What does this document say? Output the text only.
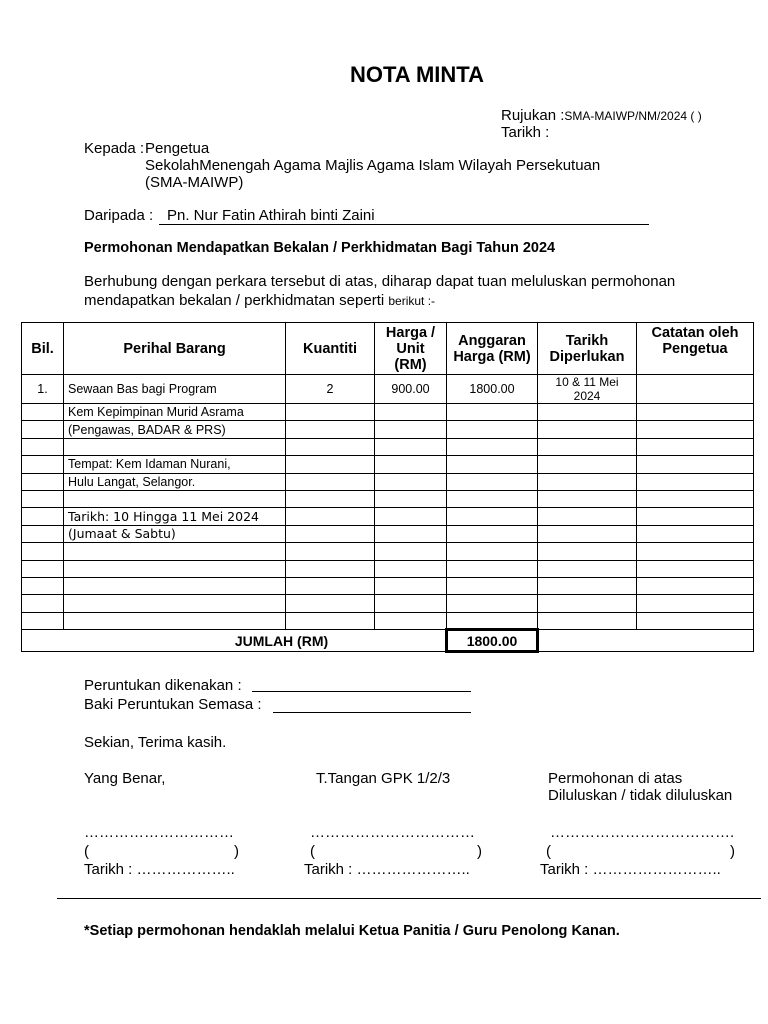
NOTA MINTA
Rujukan :SMA-MAIWP/NM/2024 ( )
Tarikh :
Kepada : Pengetua
SekolahMenengah Agama Majlis Agama Islam Wilayah Persekutuan
(SMA-MAIWP)
Daripada : Pn. Nur Fatin Athirah binti Zaini
Permohonan Mendapatkan Bekalan / Perkhidmatan Bagi Tahun 2024
Berhubung dengan perkara tersebut di atas, diharap dapat tuan meluluskan permohonan
mendapatkan bekalan / perkhidmatan seperti berikut :-
Bil.	Perihal Barang	Kuantiti	Harga / Unit (RM)	Anggaran Harga (RM)	Tarikh Diperlukan	Catatan oleh Pengetua
1.	Sewaan Bas bagi Program	2	900.00	1800.00	10 & 11 Mei 2024	
	Kem Kepimpinan Murid Asrama					
	(Pengawas, BADAR & PRS)					

	Tempat: Kem Idaman Nurani,					
	Hulu Langat, Selangor.					

	Tarikh: 10 Hingga 11 Mei 2024					
	(Jumaat & Sabtu)					

JUMLAH (RM)				1800.00		
Peruntukan dikenakan :
Baki Peruntukan Semasa :
Sekian, Terima kasih.
Yang Benar,	T.Tangan GPK 1/2/3	Permohonan di atas
Diluluskan / tidak diluluskan
…………………………	……………………………	……………………………….
(	)	(	)	(	)
Tarikh : ………………..	Tarikh : …………………..	Tarikh : ……………………..
*Setiap permohonan hendaklah melalui Ketua Panitia / Guru Penolong Kanan.
